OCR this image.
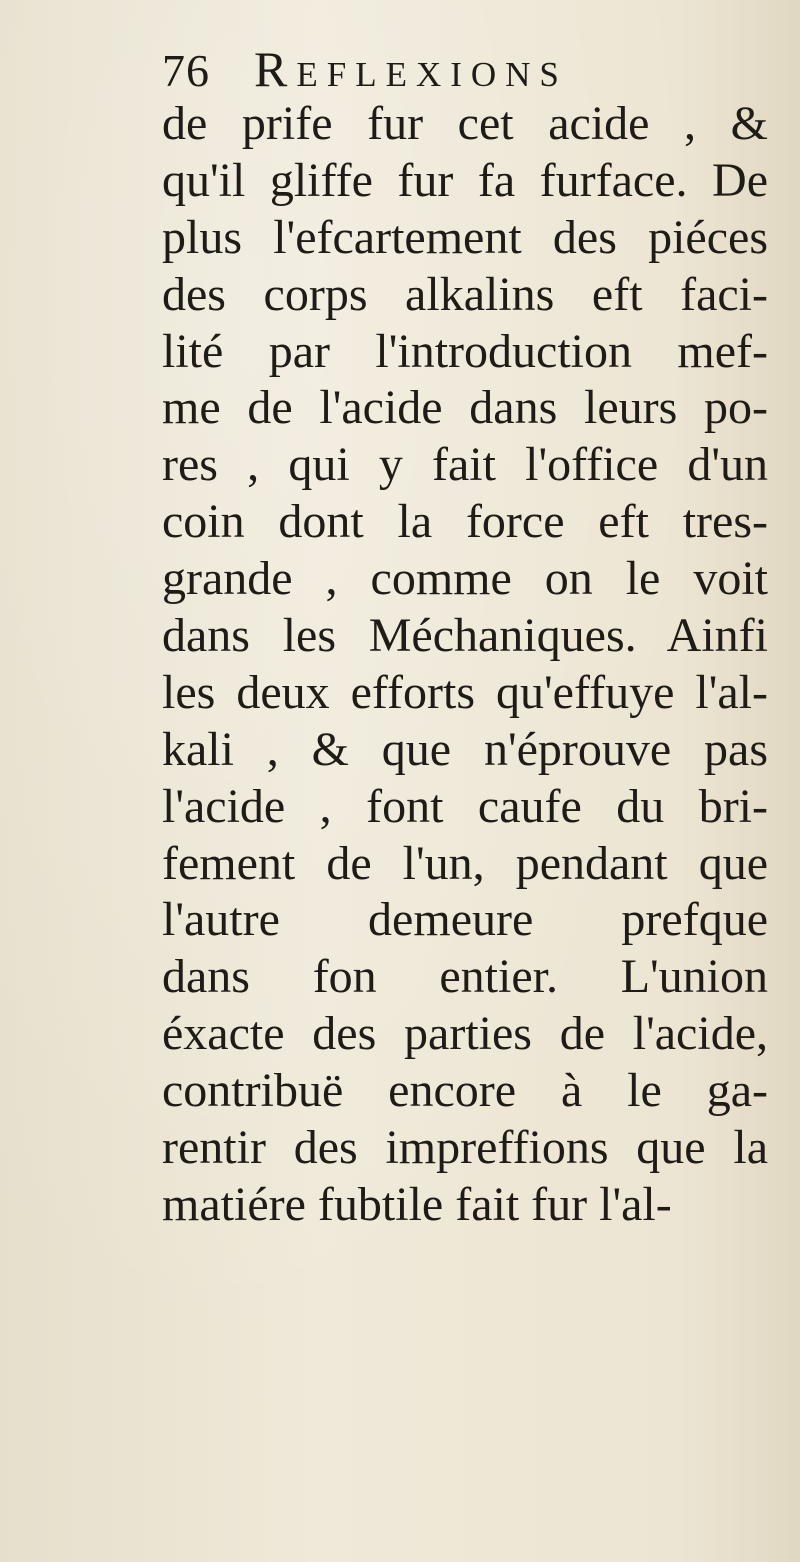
76 Reflexions
de prife fur cet acide , &
qu'il gliffe fur fa furface. De
plus l'efcartement des piéces
des corps alkalins eft faci-
lité par l'introduction mef-
me de l'acide dans leurs po-
res , qui y fait l'office d'un
coin dont la force eft tres-
grande , comme on le voit
dans les Méchaniques. Ainfi
les deux efforts qu'effuye l'al-
kali , & que n'éprouve pas
l'acide , font caufe du bri-
fement de l'un, pendant que
l'autre demeure prefque
dans fon entier. L'union
éxacte des parties de l'acide,
contribuë encore à le ga-
rentir des impreffions que la
matiére fubtile fait fur l'al-
